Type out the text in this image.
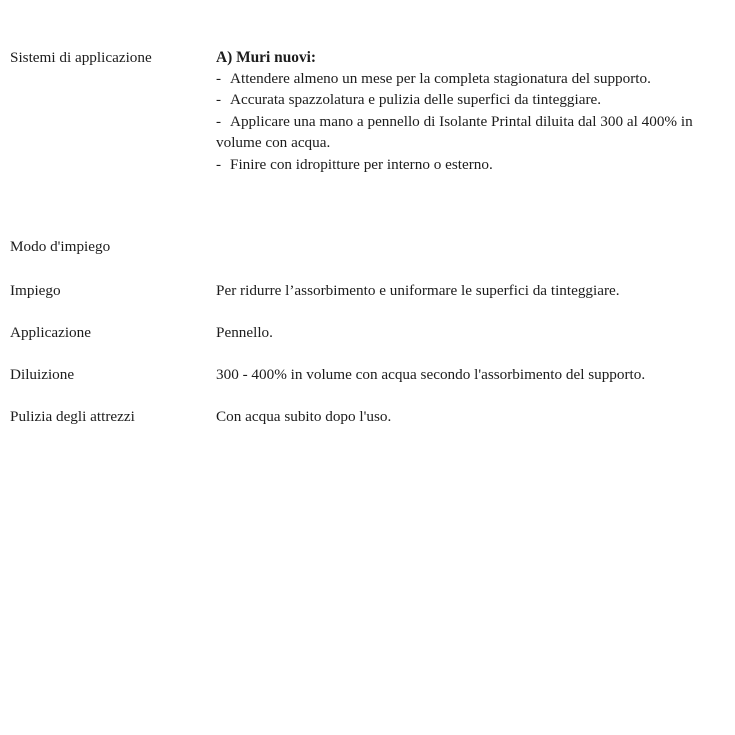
Sistemi di applicazione	A) Muri nuovi:
- Attendere almeno un mese per la completa stagionatura del supporto.
- Accurata spazzolatura e pulizia delle superfici da tinteggiare.
- Applicare una mano a pennello di Isolante Printal diluita dal 300 al 400% in volume con acqua.
- Finire con idropitture per interno o esterno.
Modo d'impiego
Impiego	Per ridurre l’assorbimento e uniformare le superfici da tinteggiare.
Applicazione	Pennello.
Diluizione	300 - 400% in volume con acqua secondo l'assorbimento del supporto.
Pulizia degli attrezzi	Con acqua subito dopo l'uso.
